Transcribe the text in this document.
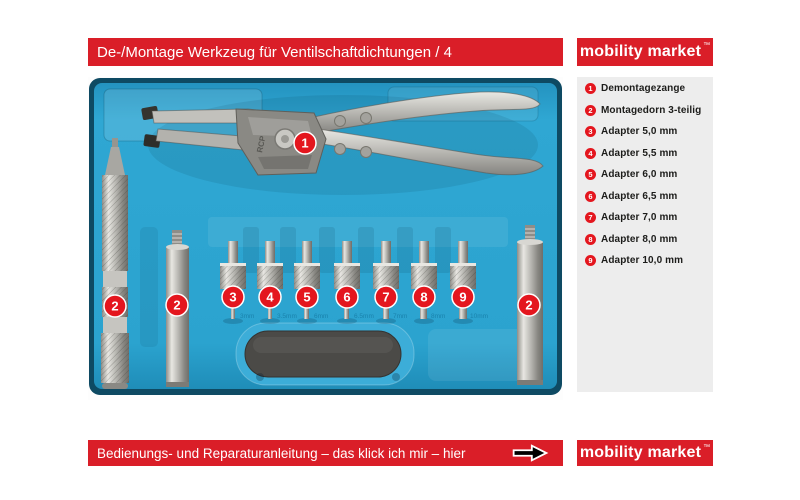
De-/Montage Werkzeug für Ventilschaftdichtungen / 4	mobility market ™
RCP
3mm	3.5mm	6mm	6.5mm	7mm	8mm	10mm
1
2	2
3 4 5	6 7 8 9
2
1 Demontagezange
2 Montagedorn 3-teilig
3 Adapter 5,0 mm
4 Adapter 5,5 mm
5 Adapter 6,0 mm
6 Adapter 6,5 mm
7 Adapter 7,0 mm
8 Adapter 8,0 mm
9 Adapter 10,0 mm
Bedienungs- und Reparaturanleitung – das klick ich mir – hier	mobility market ™
